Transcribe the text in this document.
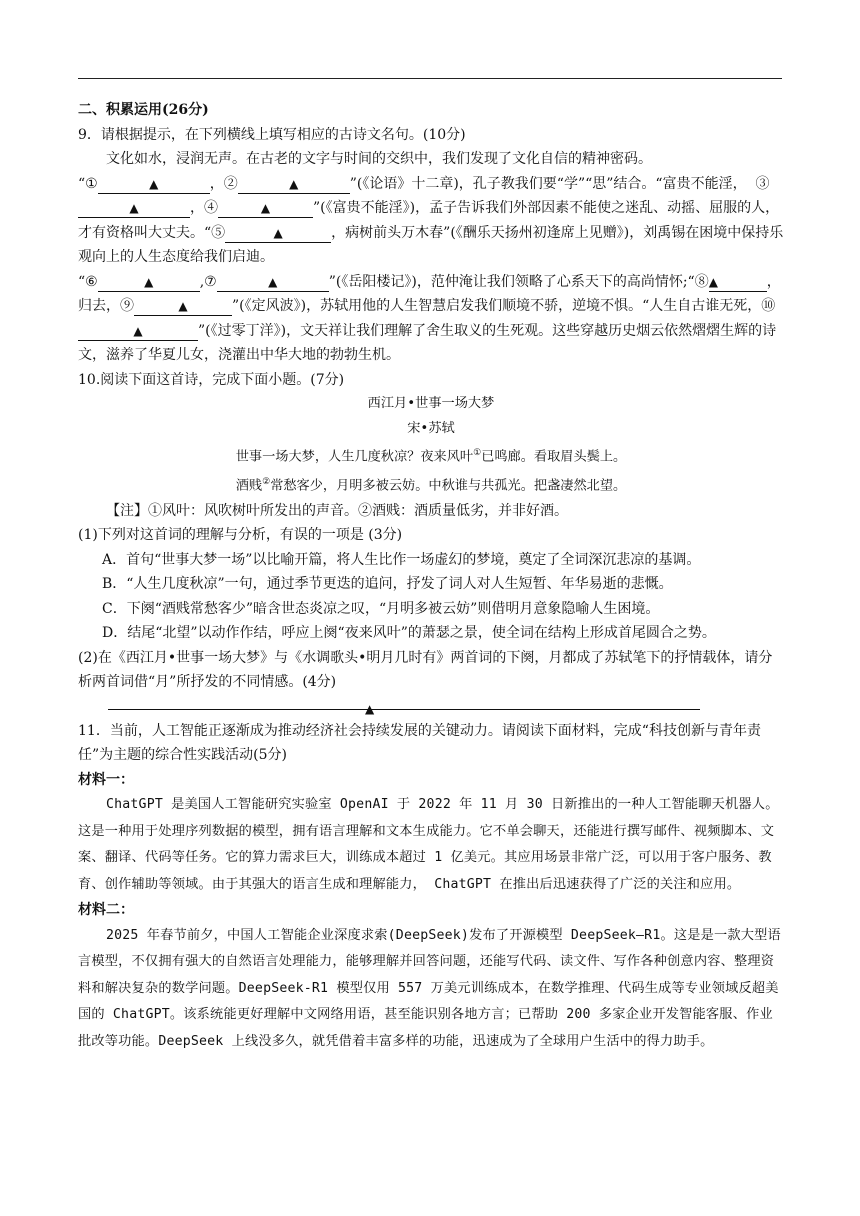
二、积累运用(26分)

9．请根据提示，在下列横线上填写相应的古诗文名句。(10分)

文化如水，浸润无声。在古老的文字与时间的交织中，我们发现了文化自信的精神密码。

“①	▲	，②	▲	”(《论语》十二章)，孔子教我们要“学”“思”结合。“富贵不能淫， ③▲	，④	▲	”(《富贵不能淫》)，孟子告诉我们外部因素不能使之迷乱、动摇、屈服的人，才有资格叫大丈夫。“⑤	▲	，病树前头万木春”(《酬乐天扬州初逢席上见赠》)，刘禹锡在困境中保持乐观向上的人生态度给我们启迪。

“⑥	▲	,⑦	▲	”(《岳阳楼记》)，范仲淹让我们领略了心系天下的高尚情怀;“⑧▲	，归去，⑨	▲	”(《定风波》)，苏轼用他的人生智慧启发我们顺境不骄，逆境不惧。“人生自古谁无死，⑩▲	”(《过零丁洋》)，文天祥让我们理解了舍生取义的生死观。这些穿越历史烟云依然熠熠生辉的诗文，滋养了华夏儿女，浇灌出中华大地的勃勃生机。

10.阅读下面这首诗，完成下面小题。(7分)

西江月•世事一场大梦

宋•苏轼

世事一场大梦，人生几度秋凉？夜来风叶①已鸣廊。看取眉头鬓上。

酒贱②常愁客少，月明多被云妨。中秋谁与共孤光。把盏凄然北望。

【注】①风叶：风吹树叶所发出的声音。②酒贱：酒质量低劣，并非好酒。

(1)下列对这首词的理解与分析，有误的一项是 (3分)

A．首句“世事大梦一场”以比喻开篇，将人生比作一场虚幻的梦境，奠定了全词深沉悲凉的基调。

B．“人生几度秋凉”一句，通过季节更迭的追问，抒发了词人对人生短暂、年华易逝的悲慨。

C．下阕“酒贱常愁客少”暗含世态炎凉之叹，“月明多被云妨”则借明月意象隐喻人生困境。

D．结尾“北望”以动作作结，呼应上阕“夜来风叶”的萧瑟之景，使全词在结构上形成首尾圆合之势。

(2)在《西江月•世事一场大梦》与《水调歌头•明月几时有》两首词的下阕，月都成了苏轼笔下的抒情载体，请分析两首词借“月”所抒发的不同情感。(4分)

▲

11．当前，人工智能正逐渐成为推动经济社会持续发展的关键动力。请阅读下面材料，完成“科技创新与青年责任”为主题的综合性实践活动(5分)

材料一：

ChatGPT 是美国人工智能研究实验室 OpenAI 于 2022 年 11 月 30 日新推出的一种人工智能聊天机器人。这是一种用于处理序列数据的模型，拥有语言理解和文本生成能力。它不单会聊天，还能进行撰写邮件、视频脚本、文案、翻译、代码等任务。它的算力需求巨大，训练成本超过 1 亿美元。其应用场景非常广泛，可以用于客户服务、教育、创作辅助等领域。由于其强大的语言生成和理解能力， ChatGPT 在推出后迅速获得了广泛的关注和应用。

材料二：

2025 年春节前夕，中国人工智能企业深度求索(DeepSeek)发布了开源模型 DeepSeek—R1。这是是一款大型语言模型，不仅拥有强大的自然语言处理能力，能够理解并回答问题，还能写代码、读文件、写作各种创意内容、整理资料和解决复杂的数学问题。DeepSeek-R1 模型仅用 557 万美元训练成本，在数学推理、代码生成等专业领域反超美国的 ChatGPT。该系统能更好理解中文网络用语，甚至能识别各地方言；已帮助 200 多家企业开发智能客服、作业批改等功能。DeepSeek 上线没多久，就凭借着丰富多样的功能，迅速成为了全球用户生活中的得力助手。
